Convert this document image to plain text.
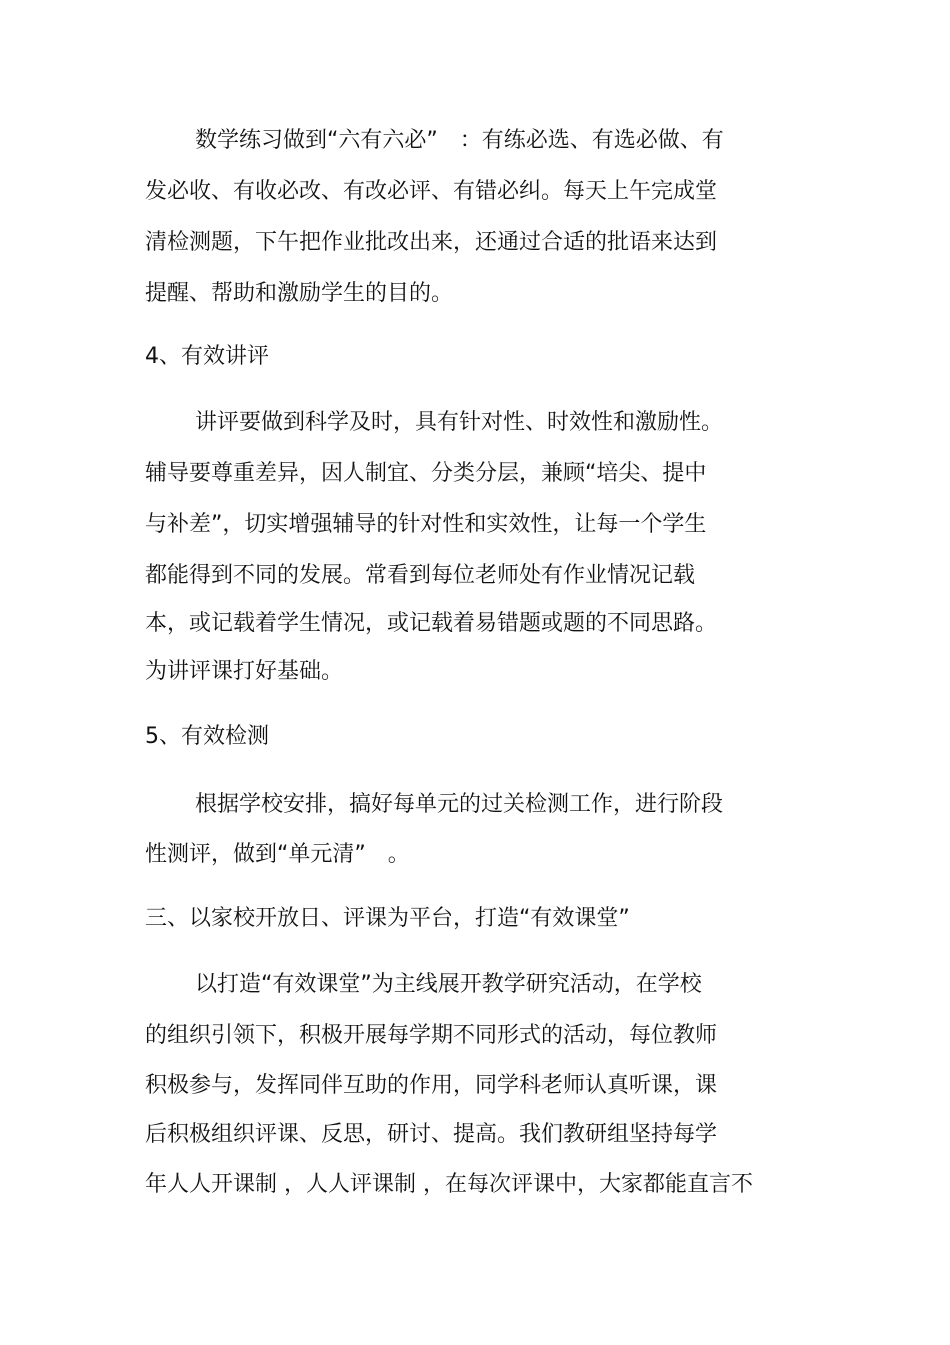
数学练习做到“六有六必”　：有练必选、有选必做、有
发必收、有收必改、有改必评、有错必纠。每天上午完成堂
清检测题，下午把作业批改出来，还通过合适的批语来达到
提醒、帮助和激励学生的目的。
4、有效讲评
讲评要做到科学及时，具有针对性、时效性和激励性。
辅导要尊重差异，因人制宜、分类分层，兼顾“培尖、提中
与补差”，切实增强辅导的针对性和实效性，让每一个学生
都能得到不同的发展。常看到每位老师处有作业情况记载
本，或记载着学生情况，或记载着易错题或题的不同思路。
为讲评课打好基础。
5、有效检测
根据学校安排，搞好每单元的过关检测工作，进行阶段
性测评，做到“单元清”　。
三、以家校开放日、评课为平台，打造“有效课堂”
以打造“有效课堂”为主线展开教学研究活动，在学校
的组织引领下，积极开展每学期不同形式的活动，每位教师
积极参与，发挥同伴互助的作用，同学科老师认真听课，课
后积极组织评课、反思，研讨、提高。我们教研组坚持每学
年人人开课制 ，人人评课制 ，在每次评课中，大家都能直言不
